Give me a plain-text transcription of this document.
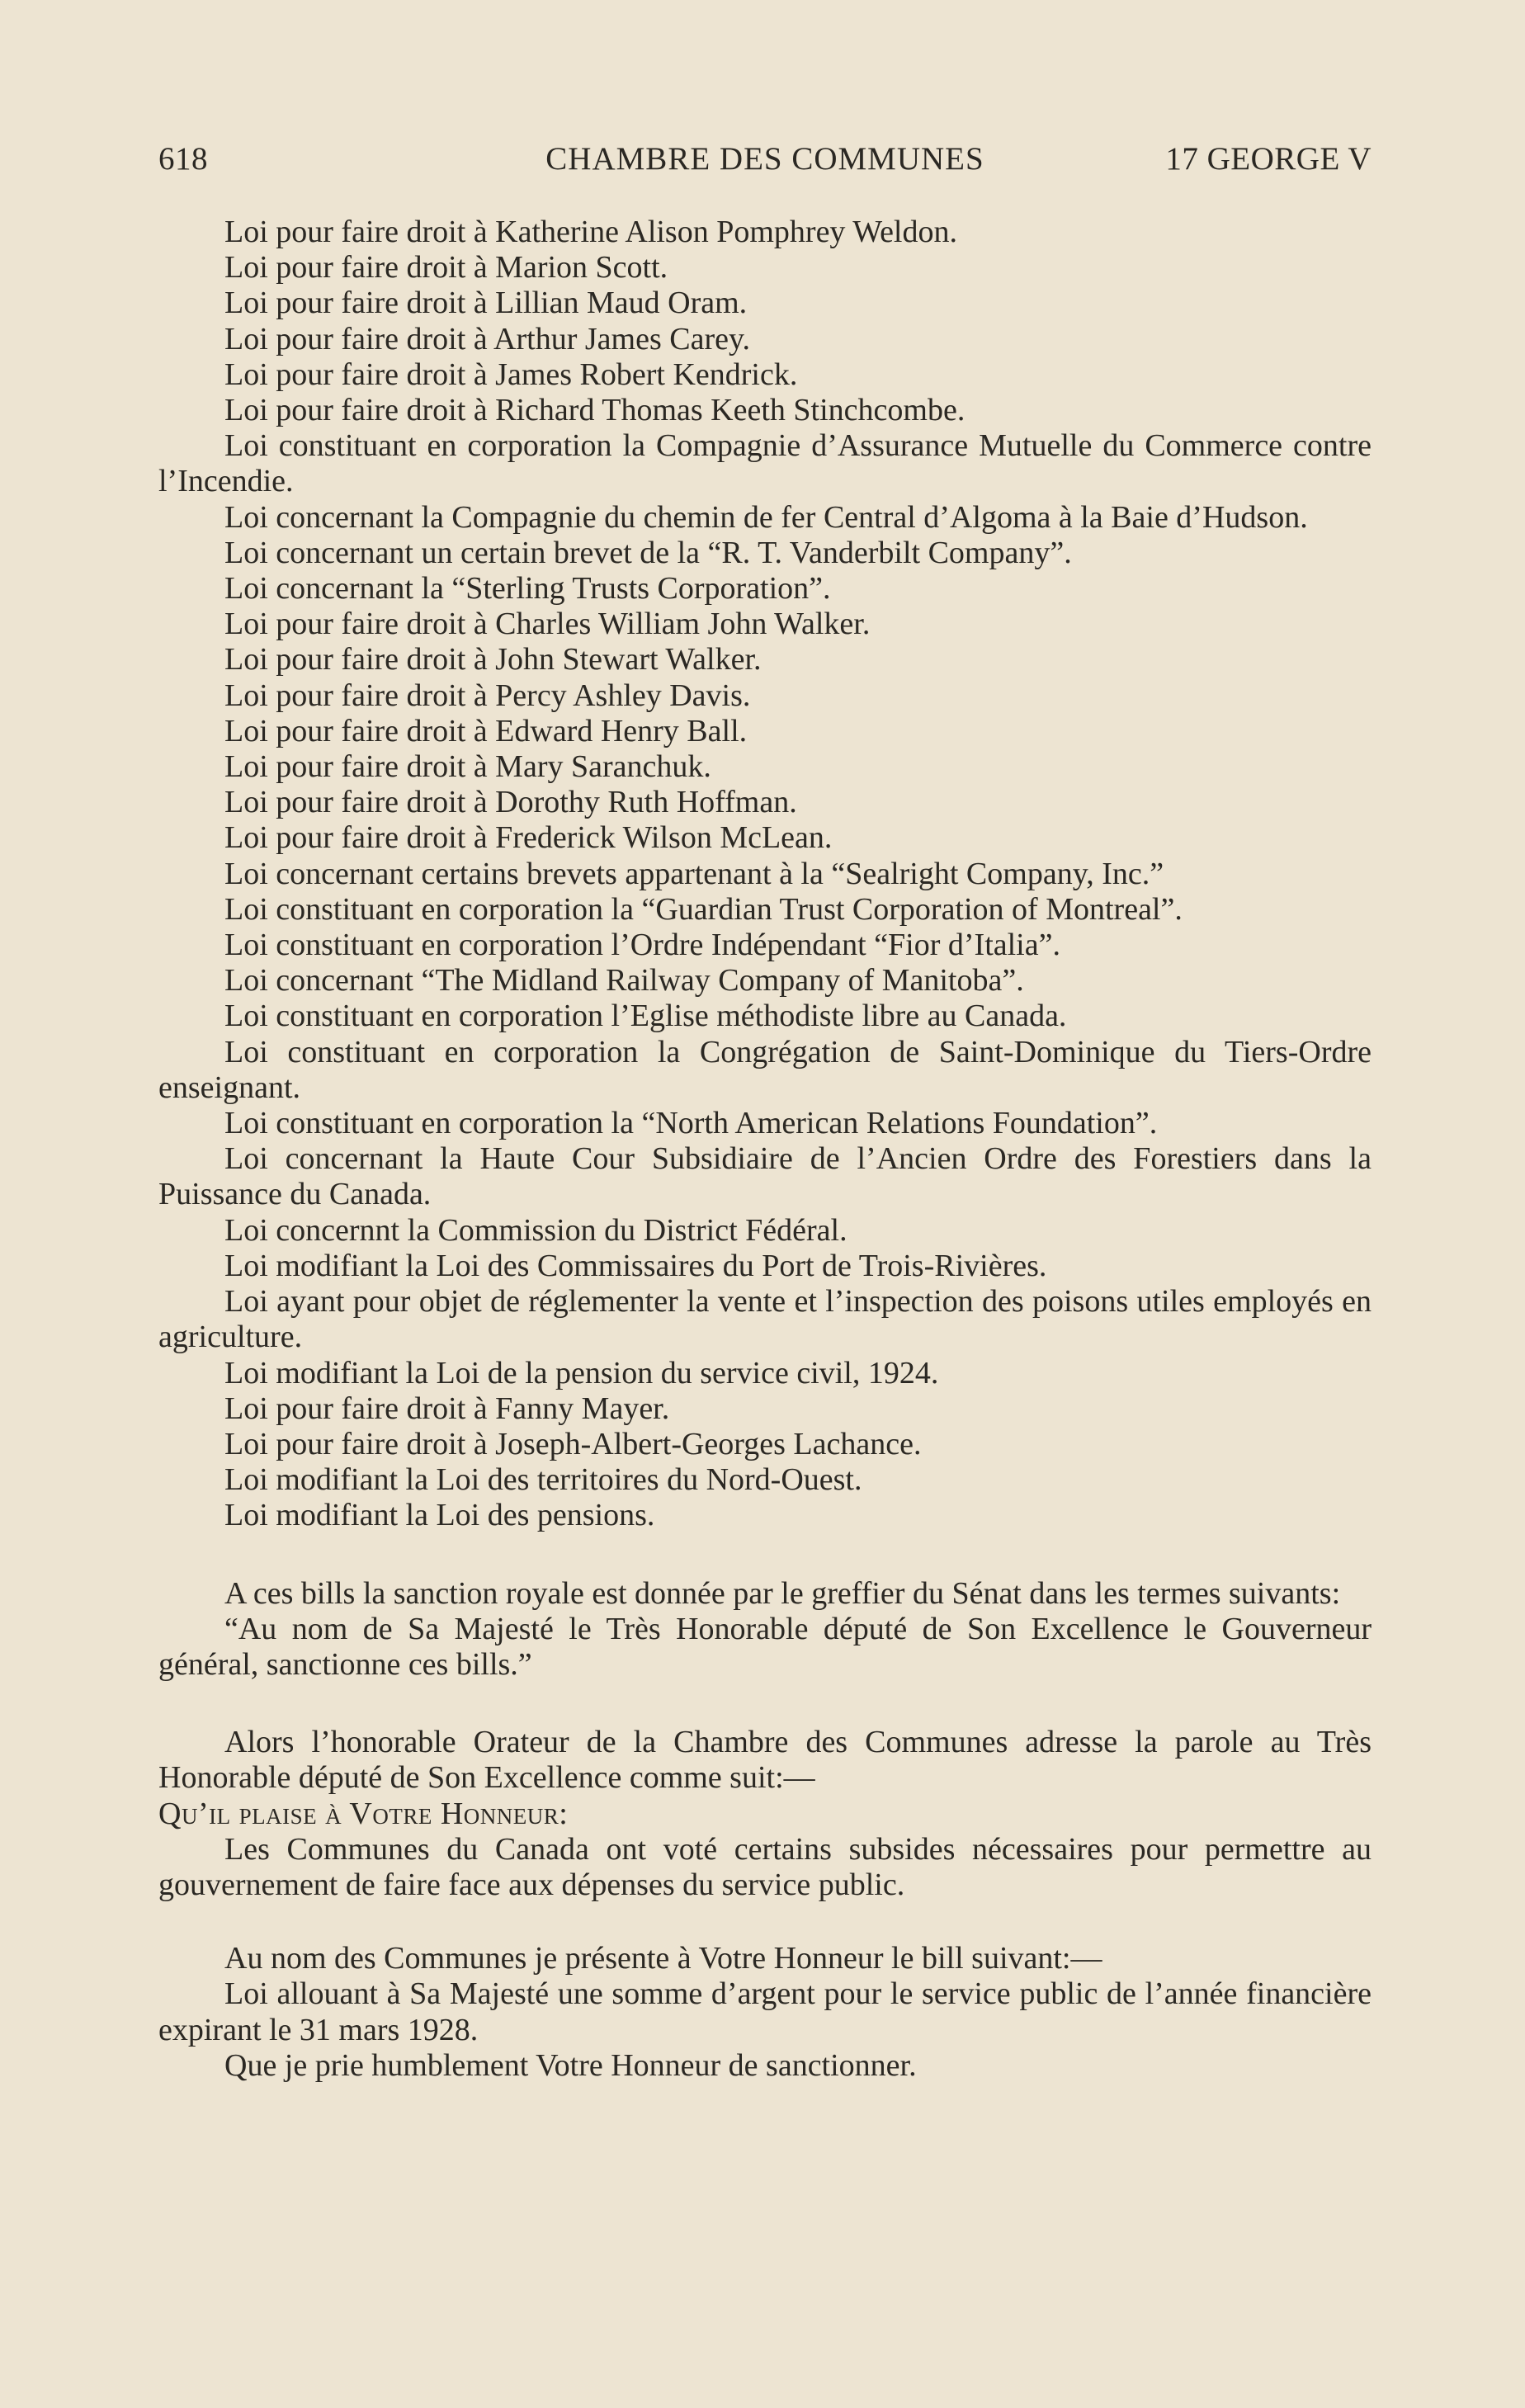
618	CHAMBRE DES COMMUNES	17 GEORGE V

Loi pour faire droit à Katherine Alison Pomphrey Weldon.

Loi pour faire droit à Marion Scott.

Loi pour faire droit à Lillian Maud Oram.

Loi pour faire droit à Arthur James Carey.

Loi pour faire droit à James Robert Kendrick.

Loi pour faire droit à Richard Thomas Keeth Stinchcombe.

Loi constituant en corporation la Compagnie d’Assurance Mutuelle du Commerce contre l’Incendie.

Loi concernant la Compagnie du chemin de fer Central d’Algoma à la Baie d’Hudson.

Loi concernant un certain brevet de la “R. T. Vanderbilt Company”.

Loi concernant la “Sterling Trusts Corporation”.

Loi pour faire droit à Charles William John Walker.

Loi pour faire droit à John Stewart Walker.

Loi pour faire droit à Percy Ashley Davis.

Loi pour faire droit à Edward Henry Ball.

Loi pour faire droit à Mary Saranchuk.

Loi pour faire droit à Dorothy Ruth Hoffman.

Loi pour faire droit à Frederick Wilson McLean.

Loi concernant certains brevets appartenant à la “Sealright Company, Inc.”

Loi constituant en corporation la “Guardian Trust Corporation of Montreal”.

Loi constituant en corporation l’Ordre Indépendant “Fior d’Italia”.

Loi concernant “The Midland Railway Company of Manitoba”.

Loi constituant en corporation l’Eglise méthodiste libre au Canada.

Loi constituant en corporation la Congrégation de Saint-Dominique du Tiers-Ordre enseignant.

Loi constituant en corporation la “North American Relations Foundation”.

Loi concernant la Haute Cour Subsidiaire de l’Ancien Ordre des Forestiers dans la Puissance du Canada.

Loi concernnt la Commission du District Fédéral.

Loi modifiant la Loi des Commissaires du Port de Trois-Rivières.

Loi ayant pour objet de réglementer la vente et l’inspection des poisons utiles employés en agriculture.

Loi modifiant la Loi de la pension du service civil, 1924.

Loi pour faire droit à Fanny Mayer.

Loi pour faire droit à Joseph-Albert-Georges Lachance.

Loi modifiant la Loi des territoires du Nord-Ouest.

Loi modifiant la Loi des pensions.

A ces bills la sanction royale est donnée par le greffier du Sénat dans les termes suivants:

“Au nom de Sa Majesté le Très Honorable député de Son Excellence le Gouverneur général, sanctionne ces bills.”

Alors l’honorable Orateur de la Chambre des Communes adresse la parole au Très Honorable député de Son Excellence comme suit:—

Qu’il plaise à Votre Honneur:

Les Communes du Canada ont voté certains subsides nécessaires pour permettre au gouvernement de faire face aux dépenses du service public.

Au nom des Communes je présente à Votre Honneur le bill suivant:—

Loi allouant à Sa Majesté une somme d’argent pour le service public de l’année financière expirant le 31 mars 1928.

Que je prie humblement Votre Honneur de sanctionner.
